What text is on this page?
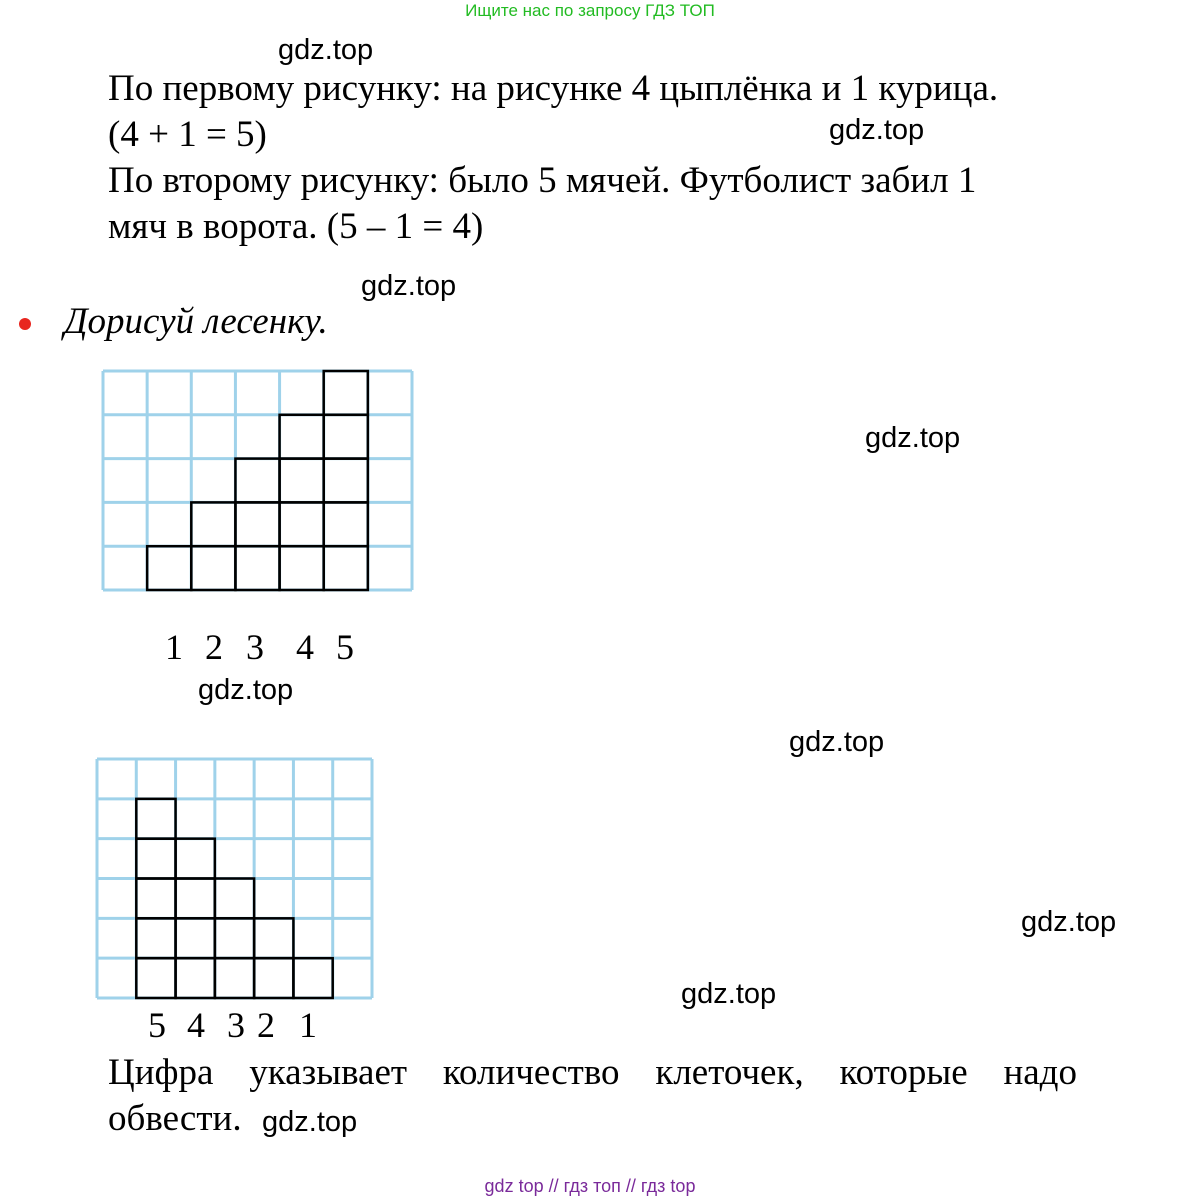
Ищите нас по запросу ГДЗ ТОП
gdz.top
По первому рисунку: на рисунке 4 цыплёнка и 1 курица.
(4 + 1 = 5)	gdz.top
По второму рисунку: было 5 мячей. Футболист забил 1
мяч в ворота. (5 – 1 = 4)
gdz.top
Дорисуй лесенку.
gdz.top
1 2 3 4 5
gdz.top
gdz.top
gdz.top
gdz.top
5 4 3 2 1
Цифра указывает количество клеточек, которые надо
обвести. gdz.top
gdz top // гдз топ // гдз top
